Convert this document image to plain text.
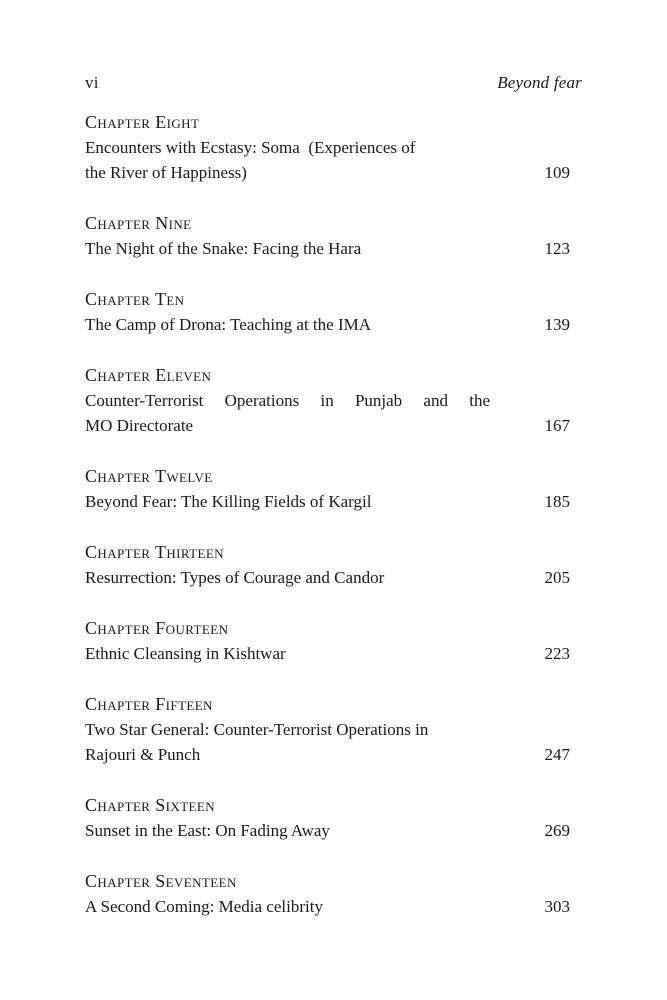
vi	Beyond fear
Chapter Eight
Encounters with Ecstasy: Soma  (Experiences of
the River of Happiness)	109
Chapter Nine
The Night of the Snake: Facing the Hara	123
Chapter Ten
The Camp of Drona: Teaching at the IMA	139
Chapter Eleven
Counter-Terrorist Operations in Punjab and the
MO Directorate	167
Chapter Twelve
Beyond Fear: The Killing Fields of Kargil	185
Chapter Thirteen
Resurrection: Types of Courage and Candor	205
Chapter Fourteen
Ethnic Cleansing in Kishtwar	223
Chapter Fifteen
Two Star General: Counter-Terrorist Operations in
Rajouri & Punch	247
Chapter Sixteen
Sunset in the East: On Fading Away	269
Chapter Seventeen
A Second Coming: Media celibrity	303
